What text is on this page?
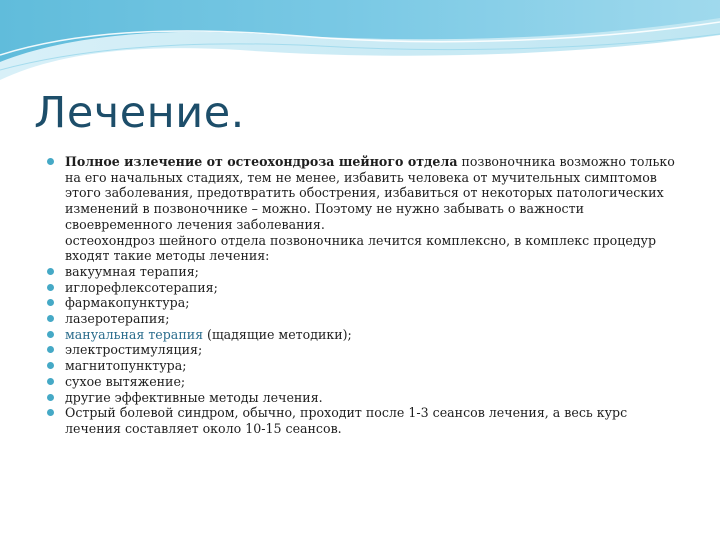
Лечение.
Полное излечение от остеохондроза шейного отдела позвоночника возможно только на его начальных стадиях, тем не менее, избавить человека от мучительных симптомов этого заболевания, предотвратить обострения, избавиться от некоторых патологических изменений в позвоночнике – можно. Поэтому не нужно забывать о важности своевременного лечения заболевания.
остеохондроз шейного отдела позвоночника лечится комплексно, в комплекс процедур входят такие методы лечения:
вакуумная терапия;
иглорефлексотерапия;
фармакопунктура;
лазеротерапия;
мануальная терапия (щадящие методики);
электростимуляция;
магнитопунктура;
сухое вытяжение;
другие эффективные методы лечения.
Острый болевой синдром, обычно, проходит после 1-3 сеансов лечения, а весь курс лечения составляет около 10-15 сеансов.
